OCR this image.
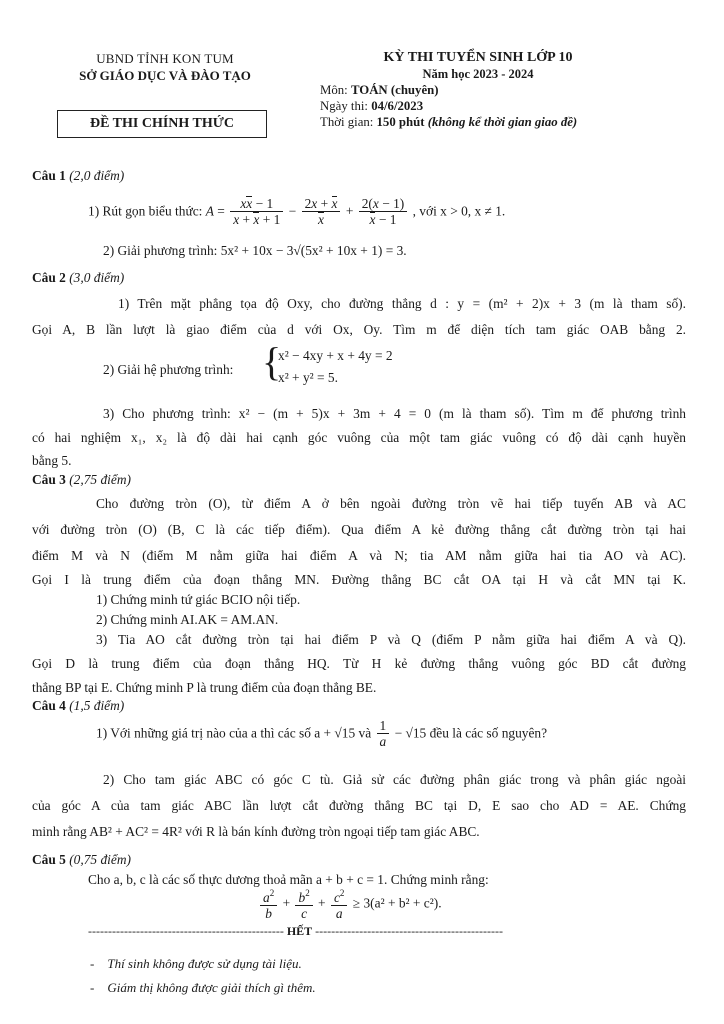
UBND TỈNH KON TUM
SỞ GIÁO DỤC VÀ ĐÀO TẠO
ĐỀ THI CHÍNH THỨC
KỲ THI TUYỂN SINH LỚP 10
Năm học 2023 - 2024
Môn: TOÁN (chuyên)
Ngày thi: 04/6/2023
Thời gian: 150 phút (không kể thời gian giao đề)
Câu 1 (2,0 điểm)
1) Rút gọn biểu thức: $A = \frac{xx - 1}{x + x + 1} - \frac{2x + x}{x} + \frac{2(x - 1)}{x - 1}$ , với x > 0, x ≠ 1.
2) Giải phương trình: 5x² + 10x − 3√(5x² + 10x + 1) = 3.
Câu 2 (3,0 điểm)
1) Trên mặt phẳng tọa độ Oxy, cho đường thẳng d : y = (m² + 2)x + 3 (m là tham số).
Gọi A, B lần lượt là giao điểm của d với Ox, Oy. Tìm m để diện tích tam giác OAB bằng 2.
2) Giải hệ phương trình: {
x² − 4xy + x + 4y = 2
x² + y² = 5.
3) Cho phương trình: x² − (m + 5)x + 3m + 4 = 0 (m là tham số). Tìm m để phương trình
có hai nghiệm x₁, x₂ là độ dài hai cạnh góc vuông của một tam giác vuông có độ dài cạnh huyền
bằng 5.
Câu 3 (2,75 điểm)
Cho đường tròn (O), từ điểm A ở bên ngoài đường tròn vẽ hai tiếp tuyến AB và AC
với đường tròn (O) (B, C là các tiếp điểm). Qua điểm A kẻ đường thẳng cắt đường tròn tại hai
điểm M và N (điểm M nằm giữa hai điểm A và N; tia AM nằm giữa hai tia AO và AC).
Gọi I là trung điểm của đoạn thẳng MN. Đường thẳng BC cắt OA tại H và cắt MN tại K.
1) Chứng minh tứ giác BCIO nội tiếp.
2) Chứng minh AI.AK = AM.AN.
3) Tia AO cắt đường tròn tại hai điểm P và Q (điểm P nằm giữa hai điểm A và Q).
Gọi D là trung điểm của đoạn thẳng HQ. Từ H kẻ đường thẳng vuông góc BD cắt đường
thẳng BP tại E. Chứng minh P là trung điểm của đoạn thẳng BE.
Câu 4 (1,5 điểm)
1) Với những giá trị nào của a thì các số a + √15 và $\frac{1}{a} - √15$ đều là các số nguyên?
2) Cho tam giác ABC có góc C tù. Giả sử các đường phân giác trong và phân giác ngoài
của góc A của tam giác ABC lần lượt cắt đường thẳng BC tại D, E sao cho AD = AE. Chứng
minh rằng AB² + AC² = 4R² với R là bán kính đường tròn ngoại tiếp tam giác ABC.
Câu 5 (0,75 điểm)
Cho a, b, c là các số thực dương thoả mãn a + b + c = 1. Chứng minh rằng:
$\frac{a^2}{b} + \frac{b^2}{c} + \frac{c^2}{a} \ge 3(a^2 + b^2 + c^2)$.
------------------------------------------------- HẾT -----------------------------------------------
-    Thí sinh không được sử dụng tài liệu.
-    Giám thị không được giải thích gì thêm.
